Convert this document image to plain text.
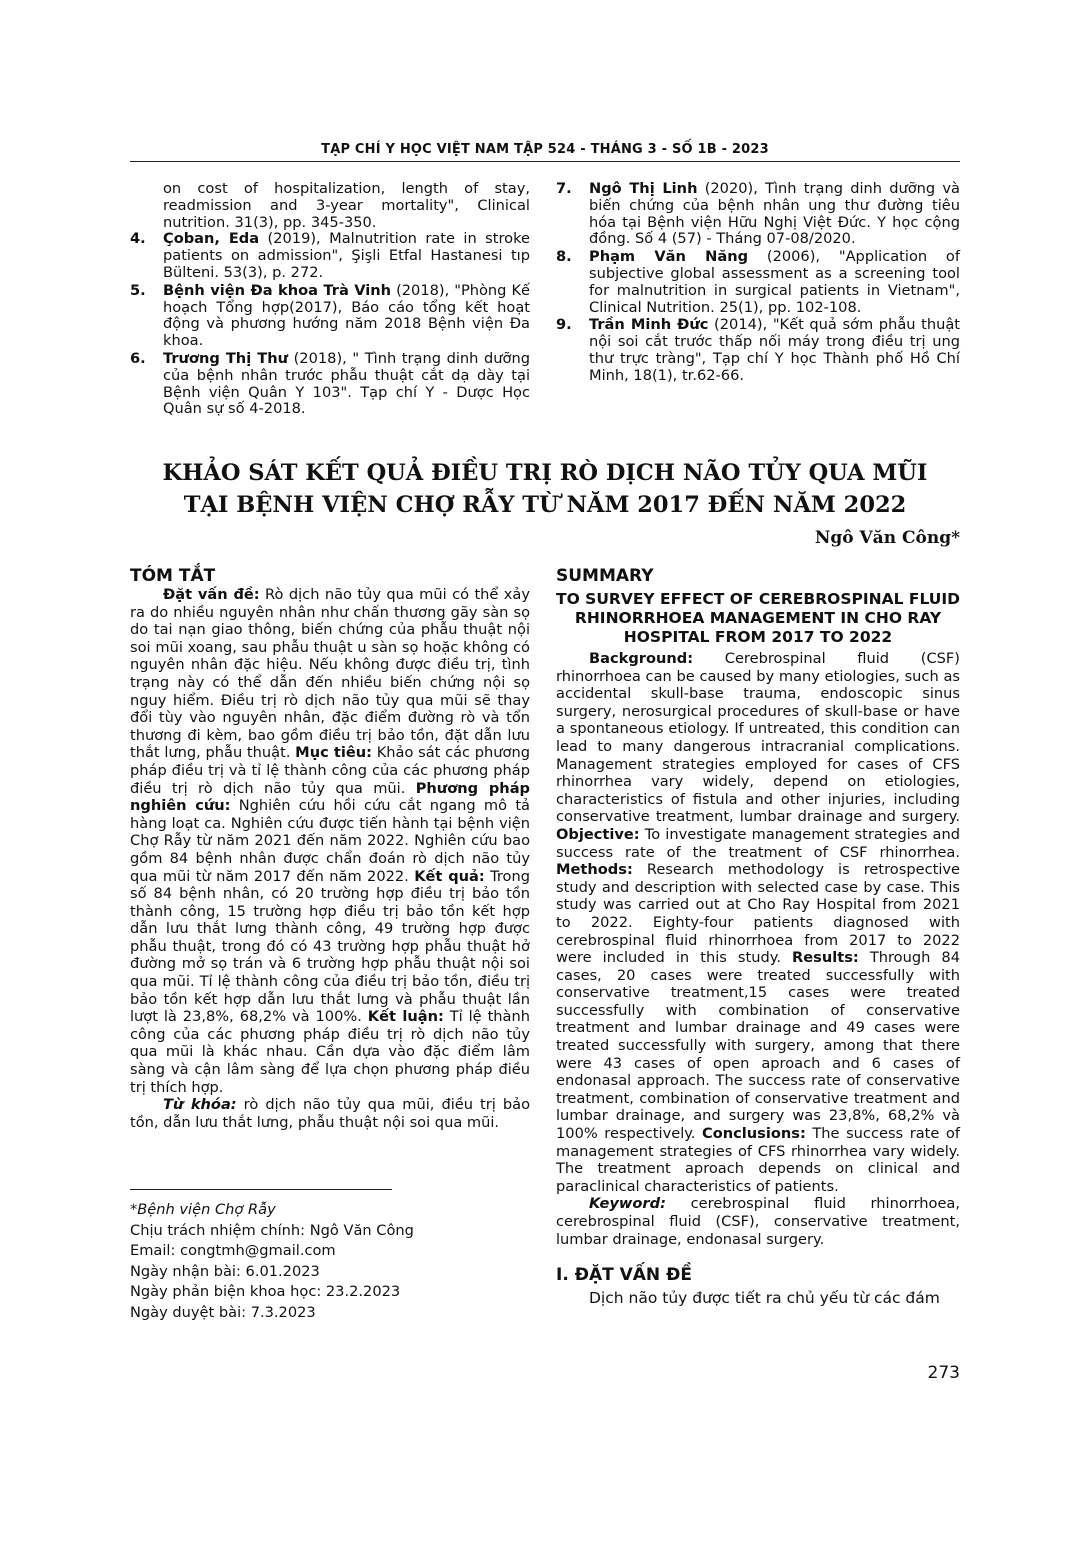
TẠP CHÍ Y HỌC VIỆT NAM TẬP 524 - THÁNG 3 - SỐ 1B - 2023
on cost of hospitalization, length of stay, readmission and 3-year mortality", Clinical nutrition. 31(3), pp. 345-350.
4.	Çoban, Eda (2019), Malnutrition rate in stroke patients on admission", Şişli Etfal Hastanesi tıp Bülteni. 53(3), p. 272.
5.	Bệnh viện Đa khoa Trà Vinh (2018), "Phòng Kế hoạch Tổng hợp(2017), Báo cáo tổng kết hoạt động và phương hướng năm 2018 Bệnh viện Đa khoa.
6.	Trương Thị Thư (2018), " Tình trạng dinh dưỡng của bệnh nhân trước phẫu thuật cắt dạ dày tại Bệnh viện Quân Y 103". Tạp chí Y - Dược Học Quân sự số 4-2018.
7.	Ngô Thị Linh (2020), Tình trạng dinh dưỡng và biến chứng của bệnh nhân ung thư đường tiêu hóa tại Bệnh viện Hữu Nghị Việt Đức. Y học cộng đồng. Số 4 (57) - Tháng 07-08/2020.
8.	Phạm Văn Năng (2006), "Application of subjective global assessment as a screening tool for malnutrition in surgical patients in Vietnam", Clinical Nutrition. 25(1), pp. 102-108.
9.	Trần Minh Đức (2014), "Kết quả sớm phẫu thuật nội soi cắt trước thấp nối máy trong điều trị ung thư trực tràng", Tạp chí Y học Thành phố Hồ Chí Minh, 18(1), tr.62-66.
KHẢO SÁT KẾT QUẢ ĐIỀU TRỊ RÒ DỊCH NÃO TỦY QUA MŨI
TẠI BỆNH VIỆN CHỢ RẪY TỪ NĂM 2017 ĐẾN NĂM 2022
Ngô Văn Công*
TÓM TẮT
Đặt vấn đề: Rò dịch não tủy qua mũi có thể xảy ra do nhiều nguyên nhân như chấn thương gãy sàn sọ do tai nạn giao thông, biến chứng của phẫu thuật nội soi mũi xoang, sau phẫu thuật u sàn sọ hoặc không có nguyên nhân đặc hiệu. Nếu không được điều trị, tình trạng này có thể dẫn đến nhiều biến chứng nội sọ nguy hiểm. Điều trị rò dịch não tủy qua mũi sẽ thay đổi tùy vào nguyên nhân, đặc điểm đường rò và tổn thương đi kèm, bao gồm điều trị bảo tồn, đặt dẫn lưu thắt lưng, phẫu thuật. Mục tiêu: Khảo sát các phương pháp điều trị và tỉ lệ thành công của các phương pháp điều trị rò dịch não tủy qua mũi. Phương pháp nghiên cứu: Nghiên cứu hồi cứu cắt ngang mô tả hàng loạt ca. Nghiên cứu được tiến hành tại bệnh viện Chợ Rẫy từ năm 2021 đến năm 2022. Nghiên cứu bao gồm 84 bệnh nhân được chẩn đoán rò dịch não tủy qua mũi từ năm 2017 đến năm 2022. Kết quả: Trong số 84 bệnh nhân, có 20 trường hợp điều trị bảo tồn thành công, 15 trường hợp điều trị bảo tồn kết hợp dẫn lưu thắt lưng thành công, 49 trường hợp được phẫu thuật, trong đó có 43 trường hợp phẫu thuật hở đường mở sọ trán và 6 trường hợp phẫu thuật nội soi qua mũi. Tỉ lệ thành công của điều trị bảo tồn, điều trị bảo tồn kết hợp dẫn lưu thắt lưng và phẫu thuật lần lượt là 23,8%, 68,2% và 100%. Kết luận: Tỉ lệ thành công của các phương pháp điều trị rò dịch não tủy qua mũi là khác nhau. Cần dựa vào đặc điểm lâm sàng và cận lâm sàng để lựa chọn phương pháp điều trị thích hợp.
Từ khóa: rò dịch não tủy qua mũi, điều trị bảo tồn, dẫn lưu thắt lưng, phẫu thuật nội soi qua mũi.
*Bệnh viện Chợ Rẫy
Chịu trách nhiệm chính: Ngô Văn Công
Email: congtmh@gmail.com
Ngày nhận bài: 6.01.2023
Ngày phản biện khoa học: 23.2.2023
Ngày duyệt bài: 7.3.2023
SUMMARY
TO SURVEY EFFECT OF CEREBROSPINAL FLUID RHINORRHOEA MANAGEMENT IN CHO RAY HOSPITAL FROM 2017 TO 2022
Background: Cerebrospinal fluid (CSF) rhinorrhoea can be caused by many etiologies, such as accidental skull-base trauma, endoscopic sinus surgery, nerosurgical procedures of skull-base or have a spontaneous etiology. If untreated, this condition can lead to many dangerous intracranial complications. Management strategies employed for cases of CFS rhinorrhea vary widely, depend on etiologies, characteristics of fistula and other injuries, including conservative treatment, lumbar drainage and surgery. Objective: To investigate management strategies and success rate of the treatment of CSF rhinorrhea. Methods: Research methodology is retrospective study and description with selected case by case. This study was carried out at Cho Ray Hospital from 2021 to 2022. Eighty-four patients diagnosed with cerebrospinal fluid rhinorrhoea from 2017 to 2022 were included in this study. Results: Through 84 cases, 20 cases were treated successfully with conservative treatment,15 cases were treated successfully with combination of conservative treatment and lumbar drainage and 49 cases were treated successfully with surgery, among that there were 43 cases of open aproach and 6 cases of endonasal approach. The success rate of conservative treatment, combination of conservative treatment and lumbar drainage, and surgery was 23,8%, 68,2% và 100% respectively. Conclusions: The success rate of management strategies of CFS rhinorrhea vary widely. The treatment aproach depends on clinical and paraclinical characteristics of patients.
Keyword: cerebrospinal fluid rhinorrhoea, cerebrospinal fluid (CSF), conservative treatment, lumbar drainage, endonasal surgery.
I. ĐẶT VẤN ĐỀ
Dịch não tủy được tiết ra chủ yếu từ các đám
273
